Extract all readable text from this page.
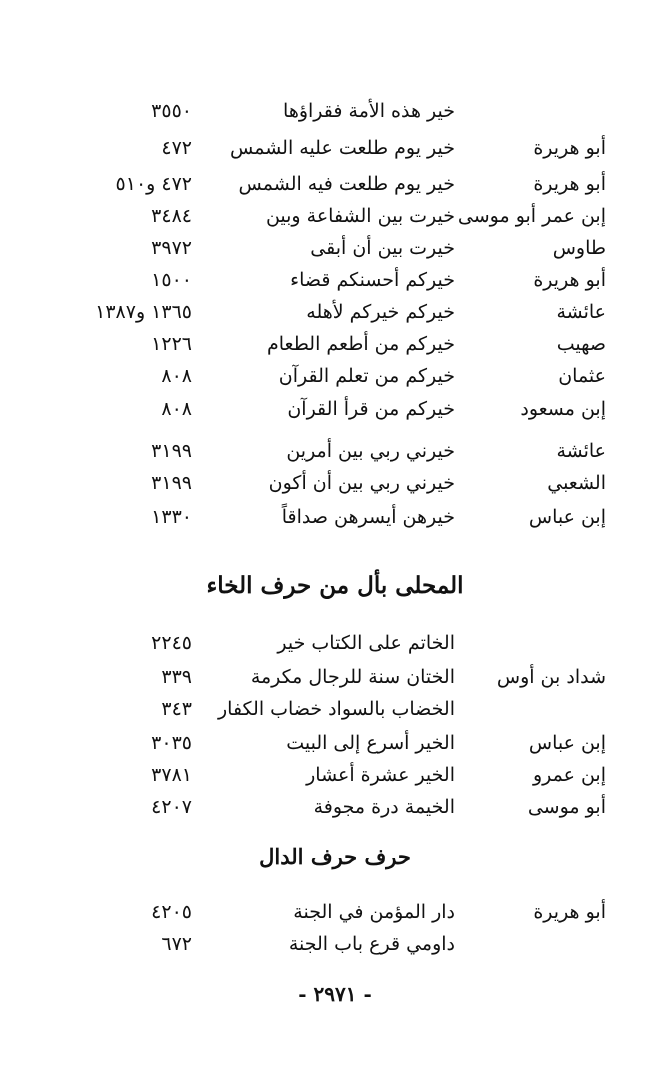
خير هذه الأمة فقراؤها
٣٥٥٠
أبو هريرة
خير يوم طلعت عليه الشمس
٤٧٢
أبو هريرة
خير يوم طلعت فيه الشمس
٤٧٢ و٥١٠
إبن عمر أبو موسى
خيرت بين الشفاعة وبين
٣٤٨٤
طاوس
خيرت بين أن أبقى
٣٩٧٢
أبو هريرة
خيركم أحسنكم قضاء
١٥٠٠
عائشة
خيركم خيركم لأهله
١٣٦٥ و١٣٨٧
صهيب
خيركم من أطعم الطعام
١٢٢٦
عثمان
خيركم من تعلم القرآن
٨٠٨
إبن مسعود
خيركم من قرأ القرآن
٨٠٨
عائشة
خيرني ربي بين أمرين
٣١٩٩
الشعبي
خيرني ربي بين أن أكون
٣١٩٩
إبن عباس
خيرهن أيسرهن صداقاً
١٣٣٠
المحلى بأل من حرف الخاء
الخاتم على الكتاب خير
٢٢٤٥
شداد بن أوس
الختان سنة للرجال مكرمة
٣٣٩
الخضاب بالسواد خضاب الكفار
٣٤٣
إبن عباس
الخير أسرع إلى البيت
٣٠٣٥
إبن عمرو
الخير عشرة أعشار
٣٧٨١
أبو موسى
الخيمة درة مجوفة
٤٢٠٧
حرف حرف الدال
أبو هريرة
دار المؤمن في الجنة
٤٢٠٥
داومي قرع باب الجنة
٦٧٢
- ٢٩٧١ -
